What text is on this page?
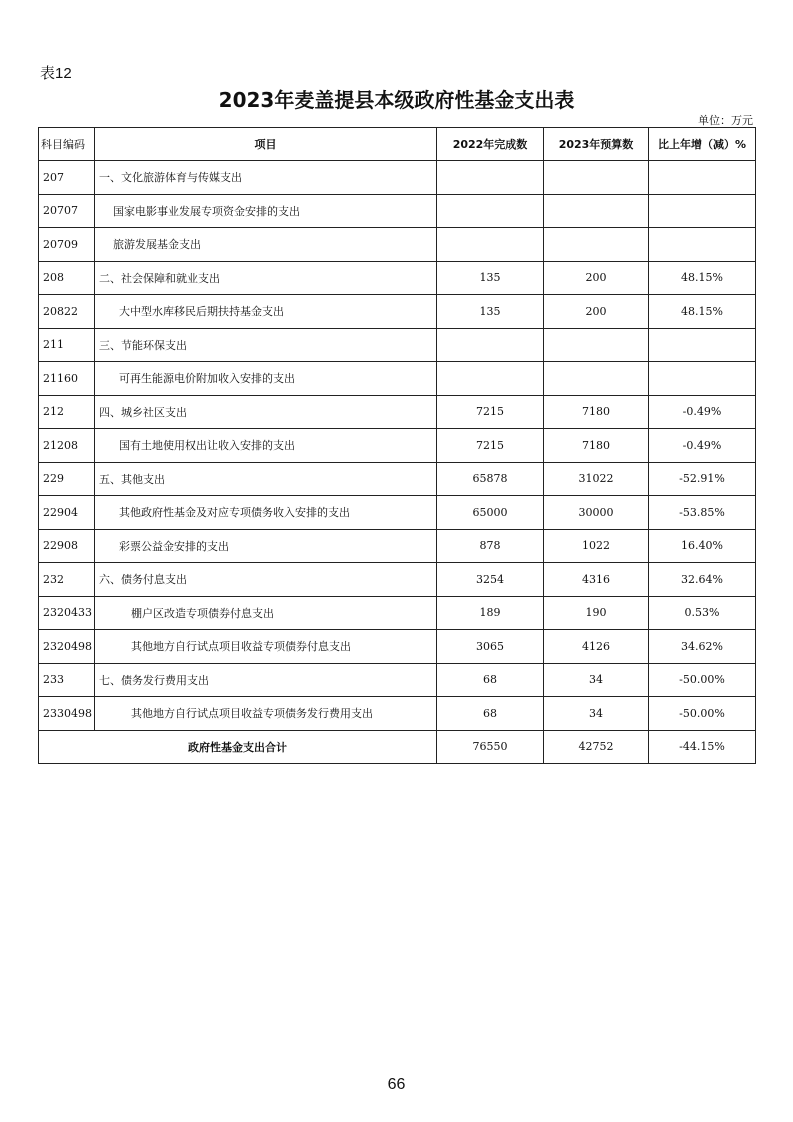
表12
2023年麦盖提县本级政府性基金支出表
单位：万元
科目编码	项目	2022年完成数	2023年预算数	比上年增（减）%
207	一、文化旅游体育与传媒支出			
20707	国家电影事业发展专项资金安排的支出			
20709	旅游发展基金支出			
208	二、社会保障和就业支出	135	200	48.15%
20822	大中型水库移民后期扶持基金支出	135	200	48.15%
211	三、节能环保支出			
21160	可再生能源电价附加收入安排的支出			
212	四、城乡社区支出	7215	7180	-0.49%
21208	国有土地使用权出让收入安排的支出	7215	7180	-0.49%
229	五、其他支出	65878	31022	-52.91%
22904	其他政府性基金及对应专项债务收入安排的支出	65000	30000	-53.85%
22908	彩票公益金安排的支出	878	1022	16.40%
232	六、债务付息支出	3254	4316	32.64%
2320433	棚户区改造专项债券付息支出	189	190	0.53%
2320498	其他地方自行试点项目收益专项债券付息支出	3065	4126	34.62%
233	七、债务发行费用支出	68	34	-50.00%
2330498	其他地方自行试点项目收益专项债务发行费用支出	68	34	-50.00%
政府性基金支出合计		76550	42752	-44.15%
66
